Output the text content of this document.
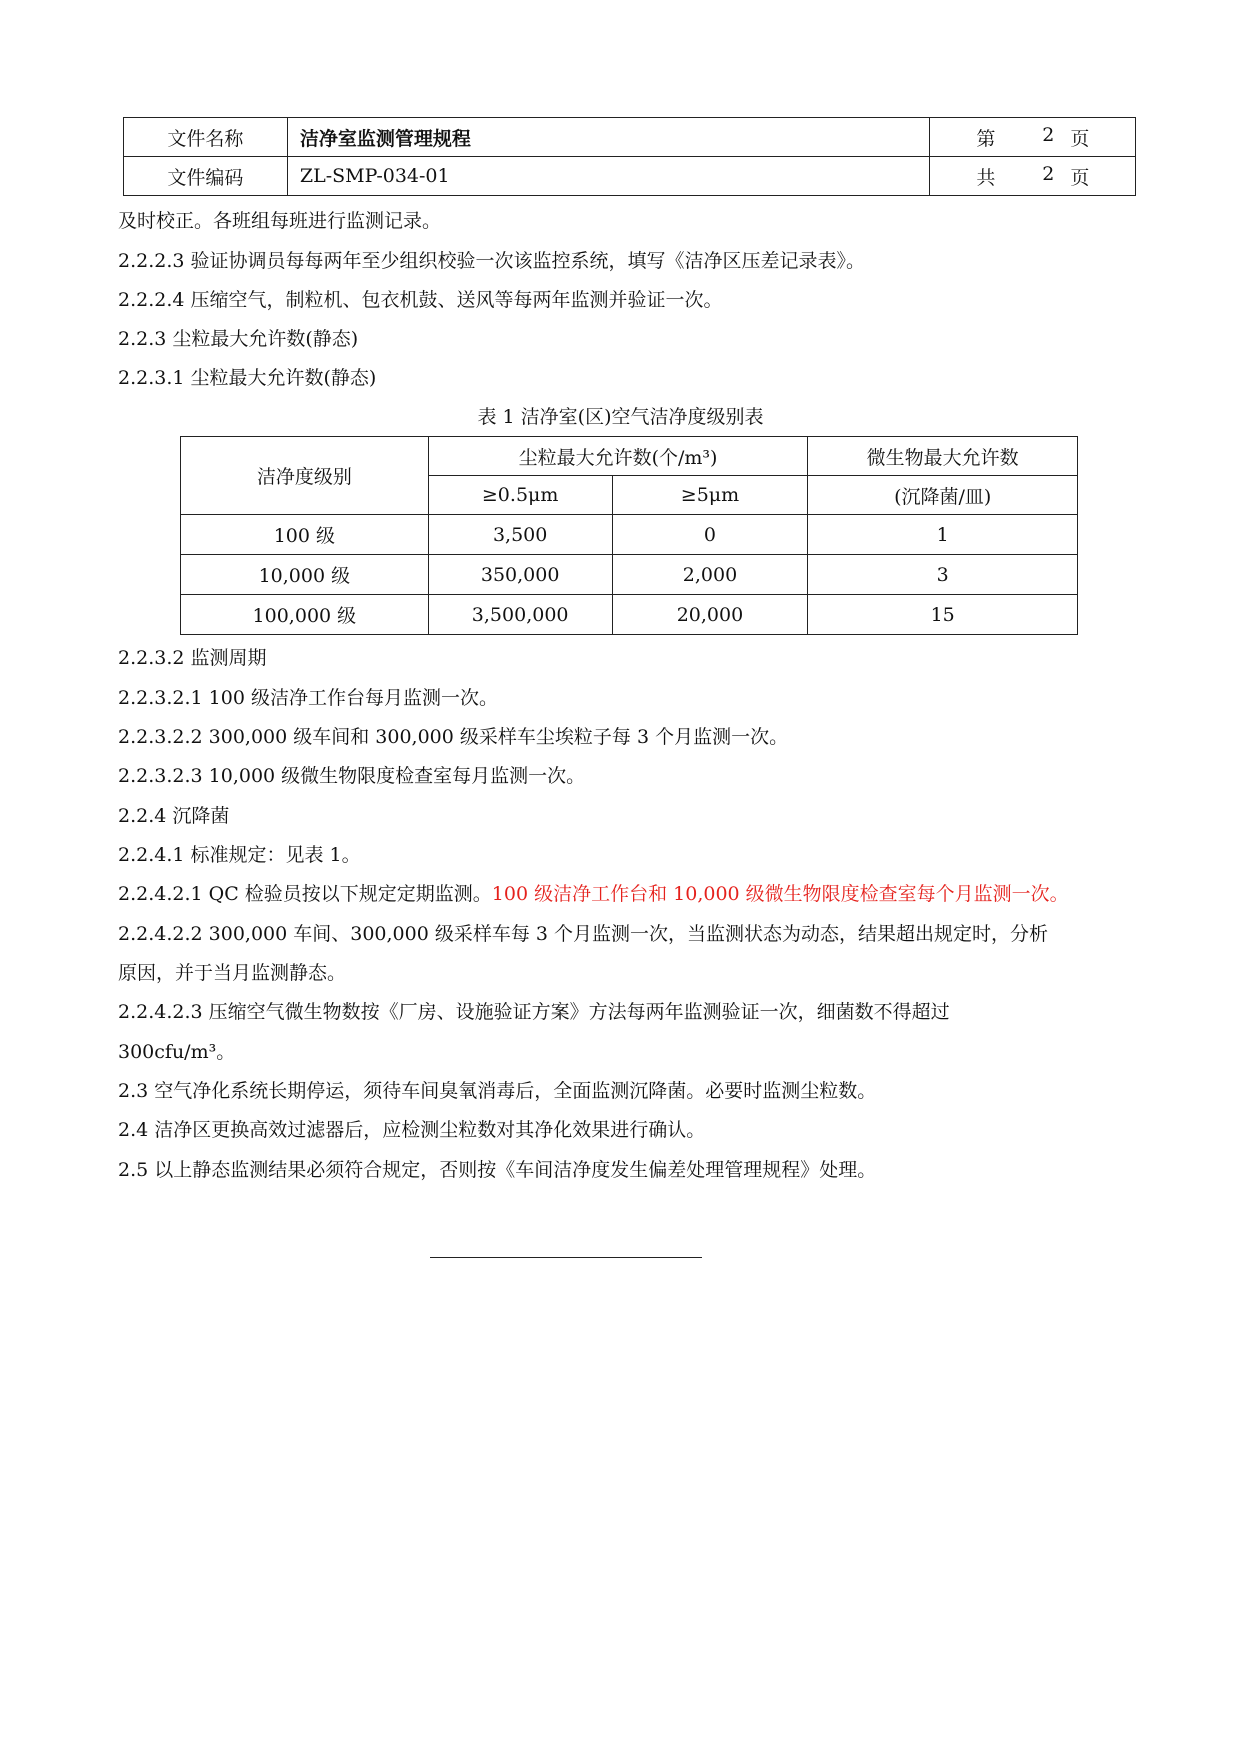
文件名称	洁净室监测管理规程	第 2 页

文件编码	ZL-SMP-034-01	共 2 页
及时校正。各班组每班进行监测记录。
2.2.2.3 验证协调员每每两年至少组织校验一次该监控系统，填写《洁净区压差记录表》。
2.2.2.4 压缩空气，制粒机、包衣机鼓、送风等每两年监测并验证一次。
2.2.3 尘粒最大允许数(静态)
2.2.3.1 尘粒最大允许数(静态)
表 1 洁净室(区)空气洁净度级别表
洁净度级别	尘粒最大允许数(个/m³)		微生物最大允许数
	≥0.5μm	≥5μm	(沉降菌/皿)
100 级	3,500	0	1
10,000 级	350,000	2,000	3
100,000 级	3,500,000	20,000	15
2.2.3.2 监测周期
2.2.3.2.1 100 级洁净工作台每月监测一次。
2.2.3.2.2 300,000 级车间和 300,000 级采样车尘埃粒子每 3 个月监测一次。
2.2.3.2.3 10,000 级微生物限度检查室每月监测一次。
2.2.4 沉降菌
2.2.4.1 标准规定：见表 1。
2.2.4.2.1 QC 检验员按以下规定定期监测。100 级洁净工作台和 10,000 级微生物限度检查室每个月监测一次。
2.2.4.2.2 300,000 车间、300,000 级采样车每 3 个月监测一次，当监测状态为动态，结果超出规定时，分析
原因，并于当月监测静态。
2.2.4.2.3 压缩空气微生物数按《厂房、设施验证方案》方法每两年监测验证一次，细菌数不得超过
300cfu/m³。
2.3 空气净化系统长期停运，须待车间臭氧消毒后，全面监测沉降菌。必要时监测尘粒数。
2.4 洁净区更换高效过滤器后，应检测尘粒数对其净化效果进行确认。
2.5 以上静态监测结果必须符合规定，否则按《车间洁净度发生偏差处理管理规程》处理。
